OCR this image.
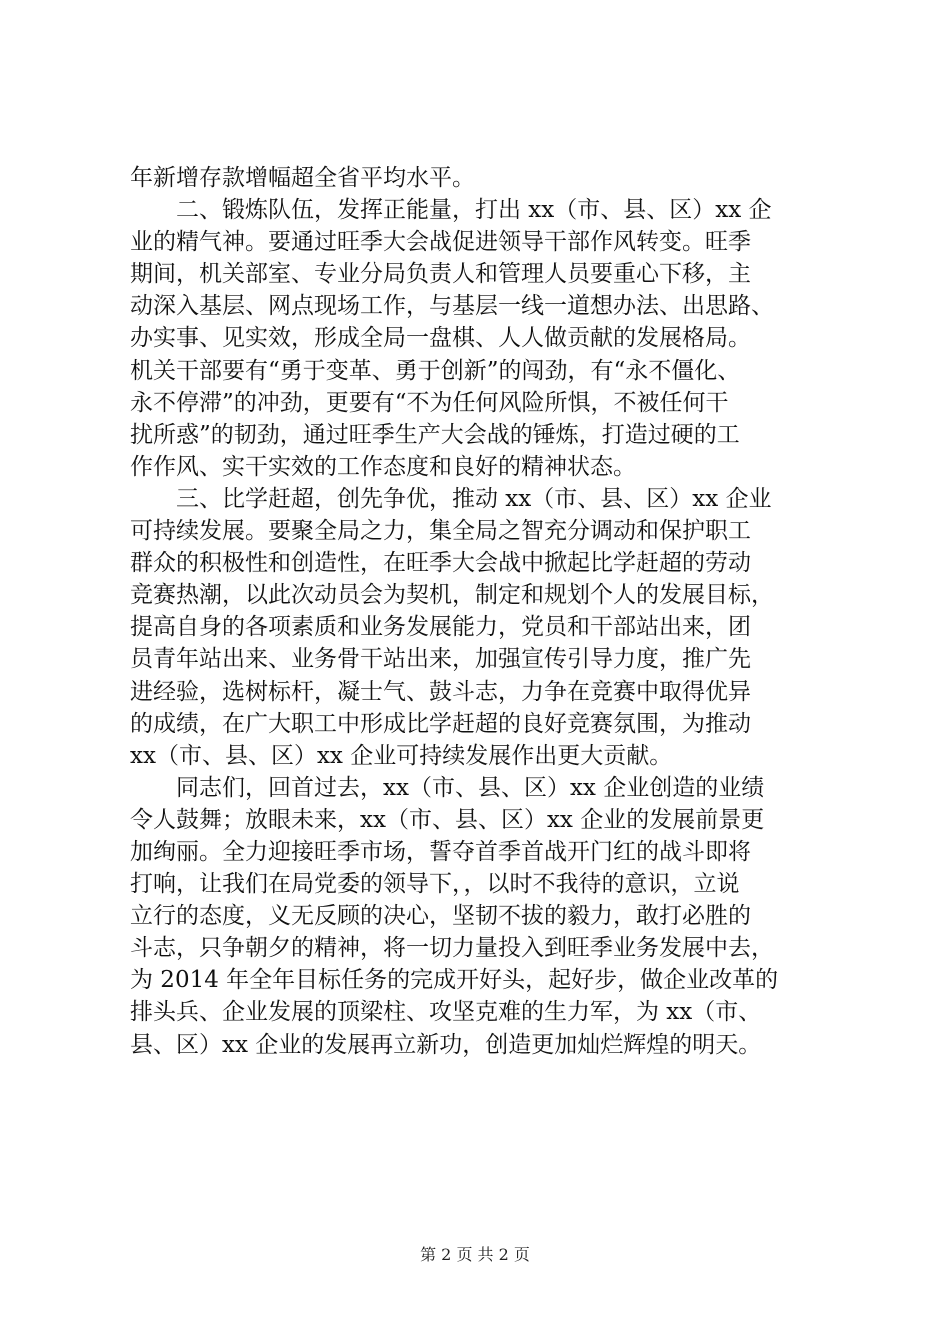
年新增存款增幅超全省平均水平。
二、锻炼队伍，发挥正能量，打出 xx（市、县、区）xx 企
业的精气神。要通过旺季大会战促进领导干部作风转变。旺季
期间，机关部室、专业分局负责人和管理人员要重心下移，主
动深入基层、网点现场工作，与基层一线一道想办法、出思路、
办实事、见实效，形成全局一盘棋、人人做贡献的发展格局。
机关干部要有“勇于变革、勇于创新”的闯劲，有“永不僵化、
永不停滞”的冲劲，更要有“不为任何风险所惧，不被任何干
扰所惑”的韧劲，通过旺季生产大会战的锤炼，打造过硬的工
作作风、实干实效的工作态度和良好的精神状态。
三、比学赶超，创先争优，推动 xx（市、县、区）xx 企业
可持续发展。要聚全局之力，集全局之智充分调动和保护职工
群众的积极性和创造性，在旺季大会战中掀起比学赶超的劳动
竞赛热潮，以此次动员会为契机，制定和规划个人的发展目标，
提高自身的各项素质和业务发展能力，党员和干部站出来，团
员青年站出来、业务骨干站出来，加强宣传引导力度，推广先
进经验，选树标杆，凝士气、鼓斗志，力争在竞赛中取得优异
的成绩，在广大职工中形成比学赶超的良好竞赛氛围，为推动
xx（市、县、区）xx 企业可持续发展作出更大贡献。
同志们，回首过去，xx（市、县、区）xx 企业创造的业绩
令人鼓舞；放眼未来，xx（市、县、区）xx 企业的发展前景更
加绚丽。全力迎接旺季市场，誓夺首季首战开门红的战斗即将
打响，让我们在局党委的领导下，，以时不我待的意识，立说
立行的态度，义无反顾的决心，坚韧不拔的毅力，敢打必胜的
斗志，只争朝夕的精神，将一切力量投入到旺季业务发展中去，
为 2014 年全年目标任务的完成开好头，起好步，做企业改革的
排头兵、企业发展的顶梁柱、攻坚克难的生力军，为 xx（市、
县、区）xx 企业的发展再立新功，创造更加灿烂辉煌的明天。
第 2 页 共 2 页
